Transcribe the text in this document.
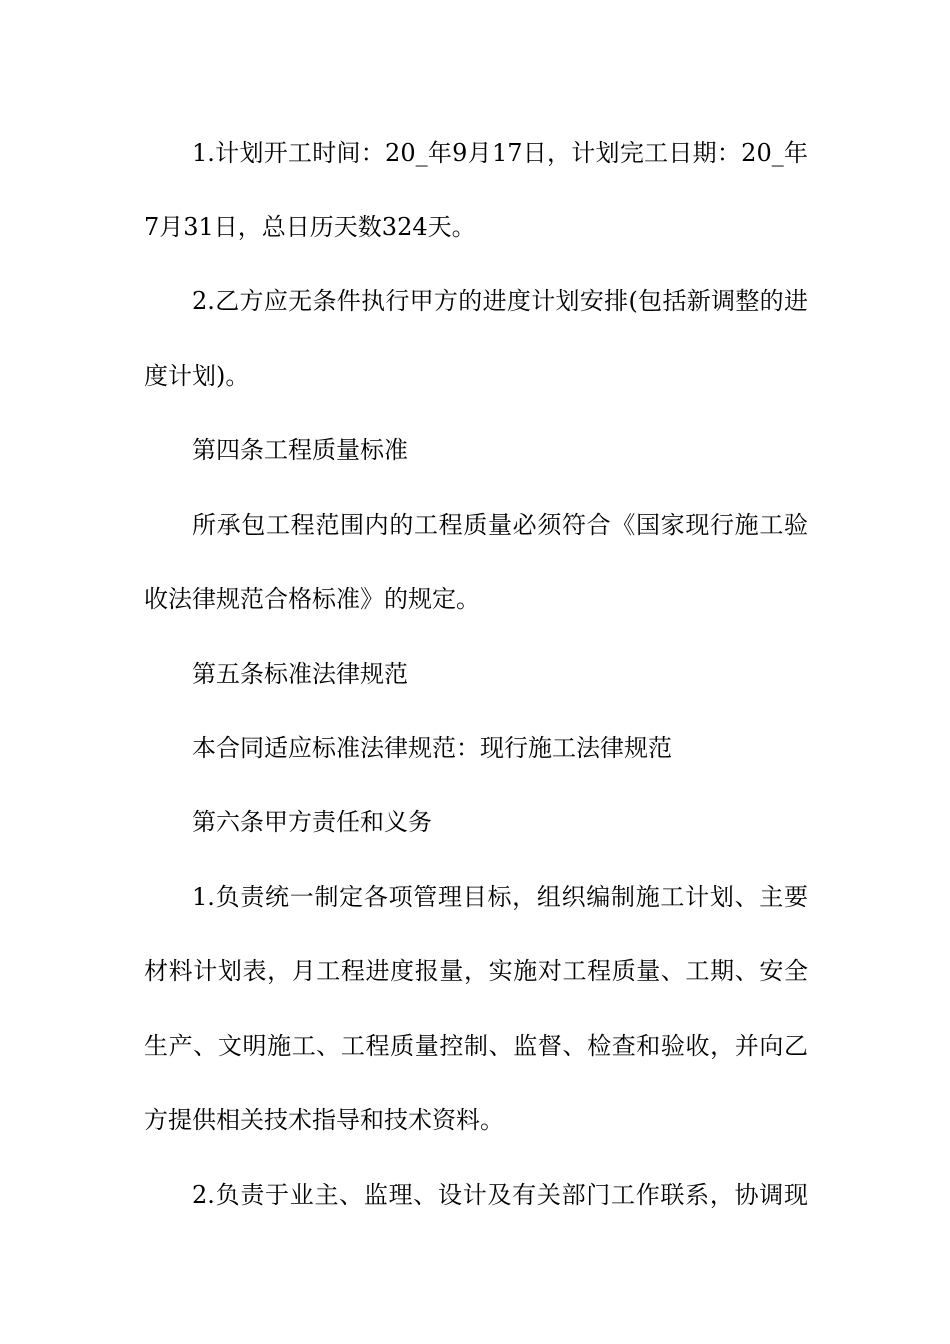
1.计划开工时间：20_年9月17日，计划完工日期：20_年
7月31日，总日历天数324天。
2.乙方应无条件执行甲方的进度计划安排(包括新调整的进
度计划)。
第四条工程质量标准
所承包工程范围内的工程质量必须符合《国家现行施工验
收法律规范合格标准》的规定。
第五条标准法律规范
本合同适应标准法律规范：现行施工法律规范
第六条甲方责任和义务
1.负责统一制定各项管理目标，组织编制施工计划、主要
材料计划表，月工程进度报量，实施对工程质量、工期、安全
生产、文明施工、工程质量控制、监督、检查和验收，并向乙
方提供相关技术指导和技术资料。
2.负责于业主、监理、设计及有关部门工作联系，协调现
